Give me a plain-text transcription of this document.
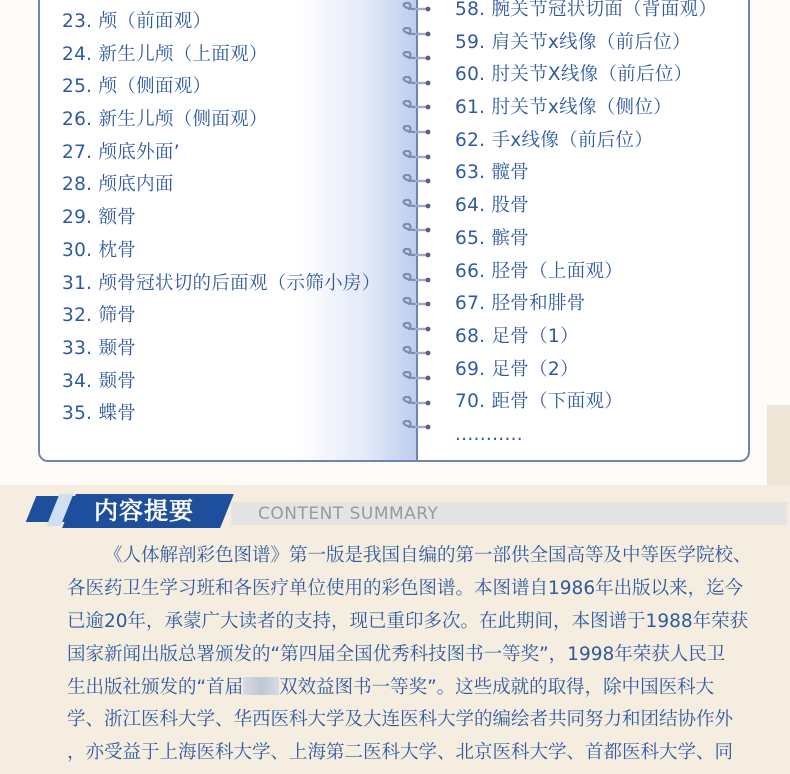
23. 颅（前面观）
24. 新生儿颅（上面观）
25. 颅（侧面观）
26. 新生儿颅（侧面观）
27. 颅底外面’
28. 颅底内面
29. 额骨
30. 枕骨
31. 颅骨冠状切的后面观（示筛小房）
32. 筛骨
33. 颞骨
34. 颞骨
35. 蝶骨
58. 腕关节冠状切面（背面观）
59. 肩关节x线像（前后位）
60. 肘关节X线像（前后位）
61. 肘关节x线像（侧位）
62. 手x线像（前后位）
63. 髋骨
64. 股骨
65. 髌骨
66. 胫骨（上面观）
67. 胫骨和腓骨
68. 足骨（1）
69. 足骨（2）
70. 距骨（下面观）
...........
CONTENT SUMMARY
内容提要

《人体解剖彩色图谱》第一版是我国自编的第一部供全国高等及中等医学院校、
各医药卫生学习班和各医疗单位使用的彩色图谱。本图谱自1986年出版以来，迄今
已逾20年，承蒙广大读者的支持，现已重印多次。在此期间，本图谱于1988年荣获
国家新闻出版总署颁发的“第四届全国优秀科技图书一等奖”，1998年荣获人民卫
生出版社颁发的“首届 双效益图书一等奖”。这些成就的取得，除中国医科大
学、浙江医科大学、华西医科大学及大连医科大学的编绘者共同努力和团结协作外
，亦受益于上海医科大学、上海第二医科大学、北京医科大学、首都医科大学、同
